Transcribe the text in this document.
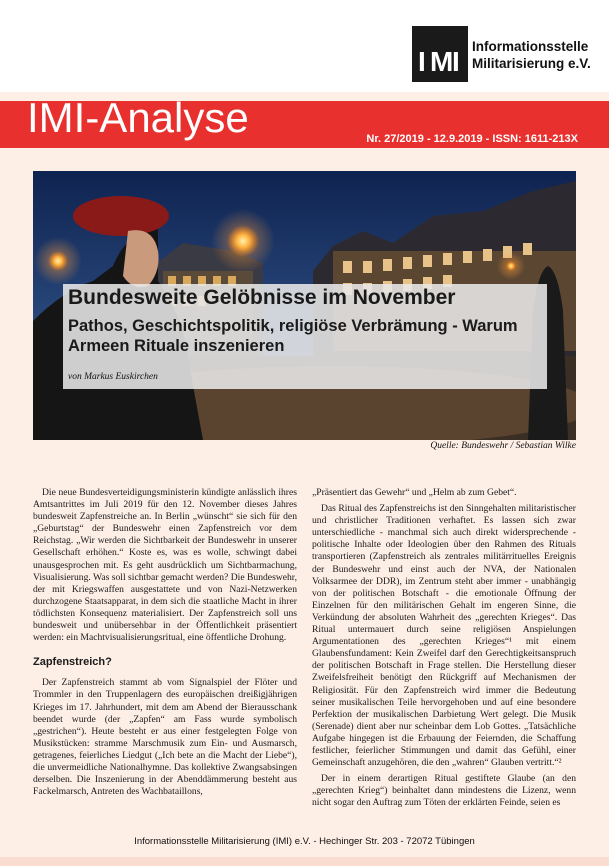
I M I Informationsstelle
Militarisierung e.V.
IMI-Analyse	Nr. 27/2019 - 12.9.2019 - ISSN: 1611-213X
Bundesweite Gelöbnisse im November
Pathos, Geschichtspolitik, religiöse Verbrämung - Warum Armeen Rituale inszenieren
von Markus Euskirchen
Quelle: Bundeswehr / Sebastian Wilke

Die neue Bundesverteidigungsministerin kündigte anlässlich ihres Amtsantrittes im Juli 2019 für den 12. November dieses Jahres bundesweit Zapfenstreiche an. In Berlin „wünscht“ sie sich für den „Geburtstag“ der Bundeswehr einen Zapfenstreich vor dem Reichstag. „Wir werden die Sichtbarkeit der Bundeswehr in unserer Gesellschaft erhöhen.“ Koste es, was es wolle, schwingt dabei unausgesprochen mit. Es geht ausdrücklich um Sichtbarmachung, Visualisierung. Was soll sichtbar gemacht werden? Die Bundeswehr, der mit Kriegswaffen ausgestattete und von Nazi-Netzwerken durchzogene Staatsapparat, in dem sich die staatliche Macht in ihrer tödlichsten Konsequenz materialisiert. Der Zapfenstreich soll uns bundesweit und unübersehbar in der Öffentlichkeit präsentiert werden: ein Machtvisualisierungsritual, eine öffentliche Drohung.

Zapfenstreich?

Der Zapfenstreich stammt ab vom Signalspiel der Flöter und Trommler in den Truppenlagern des europäischen dreißigjährigen Krieges im 17. Jahrhundert, mit dem am Abend der Bierausschank beendet wurde (der „Zapfen“ am Fass wurde symbolisch „gestrichen“). Heute besteht er aus einer festgelegten Folge von Musikstücken: stramme Marschmusik zum Ein- und Ausmarsch, getragenes, feierliches Liedgut („Ich bete an die Macht der Liebe“), die unvermeidliche Nationalhymne. Das kollektive Zwangsabsingen derselben. Die Inszenierung in der Abenddämmerung besteht aus Fackelmarsch, Antreten des Wachbataillons,

„Präsentiert das Gewehr“ und „Helm ab zum Gebet“.

Das Ritual des Zapfenstreichs ist den Sinngehalten militaristischer und christlicher Traditionen verhaftet. Es lassen sich zwar unterschiedliche - manchmal sich auch direkt widersprechende - politische Inhalte oder Ideologien über den Rahmen des Rituals transportieren (Zapfenstreich als zentrales militärrituelles Ereignis der Bundeswehr und einst auch der NVA, der Nationalen Volksarmee der DDR), im Zentrum steht aber immer - unabhängig von der politischen Botschaft - die emotionale Öffnung der Einzelnen für den militärischen Gehalt im engeren Sinne, die Verkündung der absoluten Wahrheit des „gerechten Krieges“. Das Ritual untermauert durch seine religiösen Anspielungen Argumentationen des „gerechten Krieges“¹ mit einem Glaubensfundament: Kein Zweifel darf den Gerechtigkeitsanspruch der politischen Botschaft in Frage stellen. Die Herstellung dieser Zweifelsfreiheit benötigt den Rückgriff auf Mechanismen der Religiosität. Für den Zapfenstreich wird immer die Bedeutung seiner musikalischen Teile hervorgehoben und auf eine besondere Perfektion der musikalischen Darbietung Wert gelegt. Die Musik (Serenade) dient aber nur scheinbar dem Lob Gottes. „Tatsächliche Aufgabe hingegen ist die Erbauung der Feiernden, die Schaffung festlicher, feierlicher Stimmungen und damit das Gefühl, einer Gemeinschaft anzugehören, die den „wahren“ Glauben vertritt.“²

Der in einem derartigen Ritual gestiftete Glaube (an den „gerechten Krieg“) beinhaltet dann mindestens die Lizenz, wenn nicht sogar den Auftrag zum Töten der erklärten Feinde, seien es

Informationsstelle Militarisierung (IMI) e.V. - Hechinger Str. 203 - 72072 Tübingen
